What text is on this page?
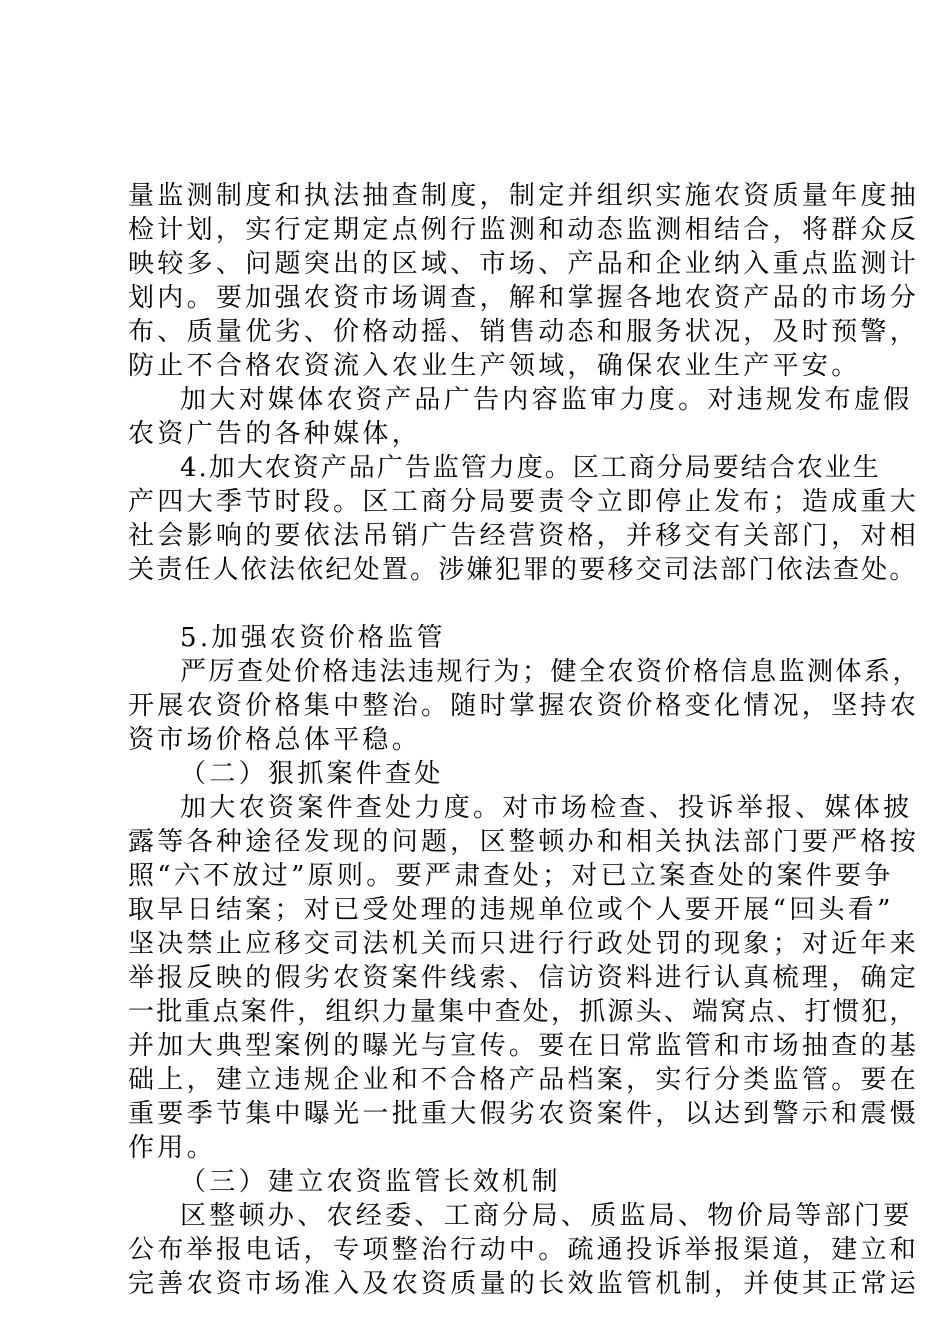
量监测制度和执法抽查制度，制定并组织实施农资质量年度抽
检计划，实行定期定点例行监测和动态监测相结合，将群众反
映较多、问题突出的区域、市场、产品和企业纳入重点监测计
划内。要加强农资市场调查，解和掌握各地农资产品的市场分
布、质量优劣、价格动摇、销售动态和服务状况，及时预警，
防止不合格农资流入农业生产领域，确保农业生产平安。
加大对媒体农资产品广告内容监审力度。对违规发布虚假
农资广告的各种媒体，
4.加大农资产品广告监管力度。区工商分局要结合农业生
产四大季节时段。区工商分局要责令立即停止发布；造成重大
社会影响的要依法吊销广告经营资格，并移交有关部门，对相
关责任人依法依纪处置。涉嫌犯罪的要移交司法部门依法查处。
5.加强农资价格监管
严厉查处价格违法违规行为；健全农资价格信息监测体系，
开展农资价格集中整治。随时掌握农资价格变化情况，坚持农
资市场价格总体平稳。
（二）狠抓案件查处
加大农资案件查处力度。对市场检查、投诉举报、媒体披
露等各种途径发现的问题，区整顿办和相关执法部门要严格按
照“六不放过”原则。要严肃查处；对已立案查处的案件要争
取早日结案；对已受处理的违规单位或个人要开展“回头看”
坚决禁止应移交司法机关而只进行行政处罚的现象；对近年来
举报反映的假劣农资案件线索、信访资料进行认真梳理，确定
一批重点案件，组织力量集中查处，抓源头、端窝点、打惯犯，
并加大典型案例的曝光与宣传。要在日常监管和市场抽查的基
础上，建立违规企业和不合格产品档案，实行分类监管。要在
重要季节集中曝光一批重大假劣农资案件，以达到警示和震慑
作用。
（三）建立农资监管长效机制
区整顿办、农经委、工商分局、质监局、物价局等部门要
公布举报电话，专项整治行动中。疏通投诉举报渠道，建立和
完善农资市场准入及农资质量的长效监管机制，并使其正常运
